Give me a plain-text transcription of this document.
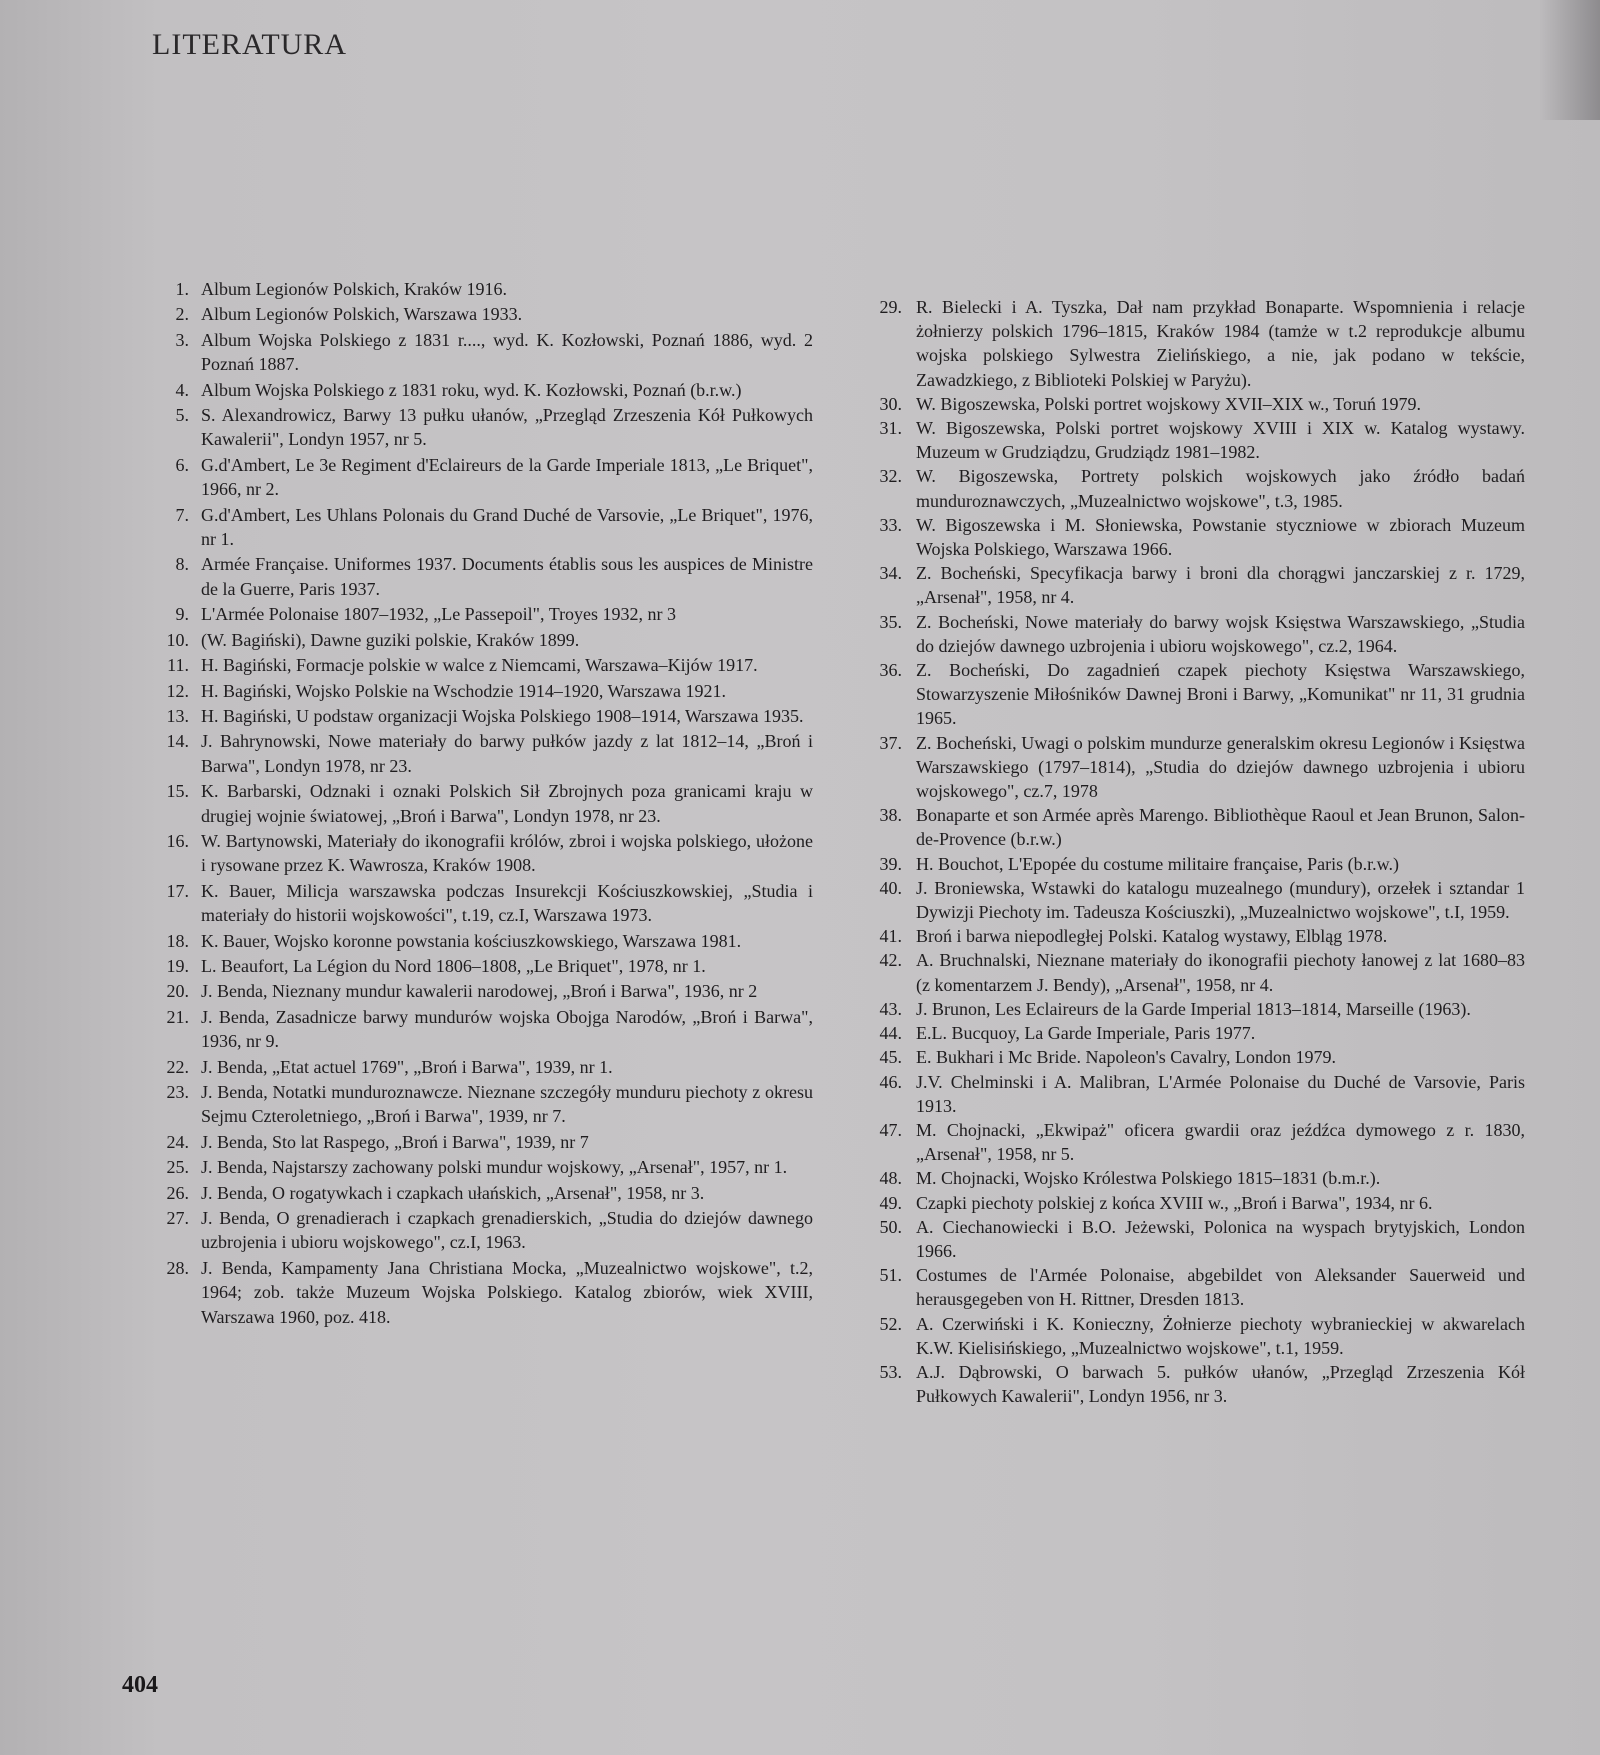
LITERATURA
1. Album Legionów Polskich, Kraków 1916.
2. Album Legionów Polskich, Warszawa 1933.
3. Album Wojska Polskiego z 1831 r...., wyd. K. Kozłowski, Poznań 1886, wyd. 2 Poznań 1887.
4. Album Wojska Polskiego z 1831 roku, wyd. K. Kozłowski, Poznań (b.r.w.)
5. S. Alexandrowicz, Barwy 13 pułku ułanów, „Przegląd Zrzeszenia Kół Pułkowych Kawalerii", Londyn 1957, nr 5.
6. G.d'Ambert, Le 3e Regiment d'Eclaireurs de la Garde Imperiale 1813, „Le Briquet", 1966, nr 2.
7. G.d'Ambert, Les Uhlans Polonais du Grand Duché de Varsovie, „Le Briquet", 1976, nr 1.
8. Armée Française. Uniformes 1937. Documents établis sous les auspices de Ministre de la Guerre, Paris 1937.
9. L'Armée Polonaise 1807–1932, „Le Passepoil", Troyes 1932, nr 3
10. (W. Bagiński), Dawne guziki polskie, Kraków 1899.
11. H. Bagiński, Formacje polskie w walce z Niemcami, Warszawa–Kijów 1917.
12. H. Bagiński, Wojsko Polskie na Wschodzie 1914–1920, Warszawa 1921.
13. H. Bagiński, U podstaw organizacji Wojska Polskiego 1908–1914, Warszawa 1935.
14. J. Bahrynowski, Nowe materiały do barwy pułków jazdy z lat 1812–14, „Broń i Barwa", Londyn 1978, nr 23.
15. K. Barbarski, Odznaki i oznaki Polskich Sił Zbrojnych poza granicami kraju w drugiej wojnie światowej, „Broń i Barwa", Londyn 1978, nr 23.
16. W. Bartynowski, Materiały do ikonografii królów, zbroi i wojska polskiego, ułożone i rysowane przez K. Wawrosza, Kraków 1908.
17. K. Bauer, Milicja warszawska podczas Insurekcji Kościuszkowskiej, „Studia i materiały do historii wojskowości", t.19, cz.I, Warszawa 1973.
18. K. Bauer, Wojsko koronne powstania kościuszkowskiego, Warszawa 1981.
19. L. Beaufort, La Légion du Nord 1806–1808, „Le Briquet", 1978, nr 1.
20. J. Benda, Nieznany mundur kawalerii narodowej, „Broń i Barwa", 1936, nr 2
21. J. Benda, Zasadnicze barwy mundurów wojska Obojga Narodów, „Broń i Barwa", 1936, nr 9.
22. J. Benda, „Etat actuel 1769", „Broń i Barwa", 1939, nr 1.
23. J. Benda, Notatki munduroznawcze. Nieznane szczegóły munduru piechoty z okresu Sejmu Czteroletniego, „Broń i Barwa", 1939, nr 7.
24. J. Benda, Sto lat Raspego, „Broń i Barwa", 1939, nr 7
25. J. Benda, Najstarszy zachowany polski mundur wojskowy, „Arsenał", 1957, nr 1.
26. J. Benda, O rogatywkach i czapkach ułańskich, „Arsenał", 1958, nr 3.
27. J. Benda, O grenadierach i czapkach grenadierskich, „Studia do dziejów dawnego uzbrojenia i ubioru wojskowego", cz.I, 1963.
28. J. Benda, Kampamenty Jana Christiana Mocka, „Muzealnictwo wojskowe", t.2, 1964; zob. także Muzeum Wojska Polskiego. Katalog zbiorów, wiek XVIII, Warszawa 1960, poz. 418.
29. R. Bielecki i A. Tyszka, Dał nam przykład Bonaparte. Wspomnienia i relacje żołnierzy polskich 1796–1815, Kraków 1984 (tamże w t.2 reprodukcje albumu wojska polskiego Sylwestra Zielińskiego, a nie, jak podano w tekście, Zawadzkiego, z Biblioteki Polskiej w Paryżu).
30. W. Bigoszewska, Polski portret wojskowy XVII–XIX w., Toruń 1979.
31. W. Bigoszewska, Polski portret wojskowy XVIII i XIX w. Katalog wystawy. Muzeum w Grudziądzu, Grudziądz 1981–1982.
32. W. Bigoszewska, Portrety polskich wojskowych jako źródło badań munduroznawczych, „Muzealnictwo wojskowe", t.3, 1985.
33. W. Bigoszewska i M. Słoniewska, Powstanie styczniowe w zbiorach Muzeum Wojska Polskiego, Warszawa 1966.
34. Z. Bocheński, Specyfikacja barwy i broni dla chorągwi janczarskiej z r. 1729, „Arsenał", 1958, nr 4.
35. Z. Bocheński, Nowe materiały do barwy wojsk Księstwa Warszawskiego, „Studia do dziejów dawnego uzbrojenia i ubioru wojskowego", cz.2, 1964.
36. Z. Bocheński, Do zagadnień czapek piechoty Księstwa Warszawskiego, Stowarzyszenie Miłośników Dawnej Broni i Barwy, „Komunikat" nr 11, 31 grudnia 1965.
37. Z. Bocheński, Uwagi o polskim mundurze generalskim okresu Legionów i Księstwa Warszawskiego (1797–1814), „Studia do dziejów dawnego uzbrojenia i ubioru wojskowego", cz.7, 1978
38. Bonaparte et son Armée après Marengo. Bibliothèque Raoul et Jean Brunon, Salon-de-Provence (b.r.w.)
39. H. Bouchot, L'Epopée du costume militaire française, Paris (b.r.w.)
40. J. Broniewska, Wstawki do katalogu muzealnego (mundury), orzełek i sztandar 1 Dywizji Piechoty im. Tadeusza Kościuszki), „Muzealnictwo wojskowe", t.I, 1959.
41. Broń i barwa niepodległej Polski. Katalog wystawy, Elbląg 1978.
42. A. Bruchnalski, Nieznane materiały do ikonografii piechoty łanowej z lat 1680–83 (z komentarzem J. Bendy), „Arsenał", 1958, nr 4.
43. J. Brunon, Les Eclaireurs de la Garde Imperial 1813–1814, Marseille (1963).
44. E.L. Bucquoy, La Garde Imperiale, Paris 1977.
45. E. Bukhari i Mc Bride. Napoleon's Cavalry, London 1979.
46. J.V. Chelminski i A. Malibran, L'Armée Polonaise du Duché de Varsovie, Paris 1913.
47. M. Chojnacki, „Ekwipaż" oficera gwardii oraz jeźdźca dymowego z r. 1830, „Arsenał", 1958, nr 5.
48. M. Chojnacki, Wojsko Królestwa Polskiego 1815–1831 (b.m.r.).
49. Czapki piechoty polskiej z końca XVIII w., „Broń i Barwa", 1934, nr 6.
50. A. Ciechanowiecki i B.O. Jeżewski, Polonica na wyspach brytyjskich, London 1966.
51. Costumes de l'Armée Polonaise, abgebildet von Aleksander Sauerweid und herausgegeben von H. Rittner, Dresden 1813.
52. A. Czerwiński i K. Konieczny, Żołnierze piechoty wybranieckiej w akwarelach K.W. Kielisińskiego, „Muzealnictwo wojskowe", t.1, 1959.
53. A.J. Dąbrowski, O barwach 5. pułków ułanów, „Przegląd Zrzeszenia Kół Pułkowych Kawalerii", Londyn 1956, nr 3.
404
